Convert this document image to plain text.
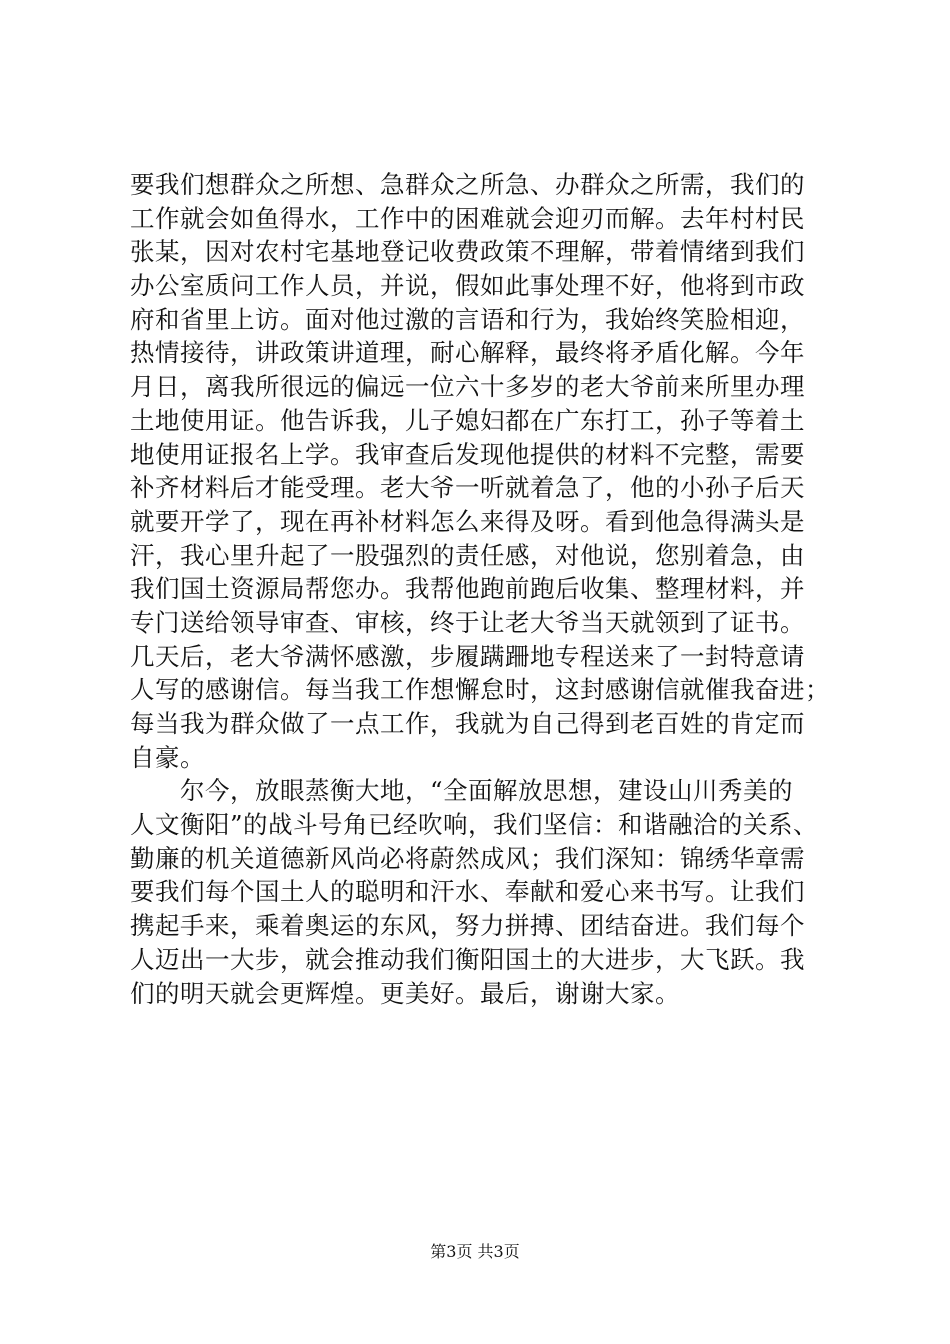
要我们想群众之所想、急群众之所急、办群众之所需，我们的
工作就会如鱼得水，工作中的困难就会迎刃而解。去年村村民
张某，因对农村宅基地登记收费政策不理解，带着情绪到我们
办公室质问工作人员，并说，假如此事处理不好，他将到市政
府和省里上访。面对他过激的言语和行为，我始终笑脸相迎，
热情接待，讲政策讲道理，耐心解释，最终将矛盾化解。今年
月日，离我所很远的偏远一位六十多岁的老大爷前来所里办理
土地使用证。他告诉我，儿子媳妇都在广东打工，孙子等着土
地使用证报名上学。我审查后发现他提供的材料不完整，需要
补齐材料后才能受理。老大爷一听就着急了，他的小孙子后天
就要开学了，现在再补材料怎么来得及呀。看到他急得满头是
汗，我心里升起了一股强烈的责任感，对他说，您别着急，由
我们国土资源局帮您办。我帮他跑前跑后收集、整理材料，并
专门送给领导审查、审核，终于让老大爷当天就领到了证书。
几天后，老大爷满怀感激，步履蹒跚地专程送来了一封特意请
人写的感谢信。每当我工作想懈怠时，这封感谢信就催我奋进；
每当我为群众做了一点工作，我就为自己得到老百姓的肯定而
自豪。
　　尔今，放眼蒸衡大地，“全面解放思想，建设山川秀美的
人文衡阳”的战斗号角已经吹响，我们坚信：和谐融洽的关系、
勤廉的机关道德新风尚必将蔚然成风；我们深知：锦绣华章需
要我们每个国土人的聪明和汗水、奉献和爱心来书写。让我们
携起手来，乘着奥运的东风，努力拼搏、团结奋进。我们每个
人迈出一大步，就会推动我们衡阳国土的大进步，大飞跃。我
们的明天就会更辉煌。更美好。最后，谢谢大家。
第3页 共3页
